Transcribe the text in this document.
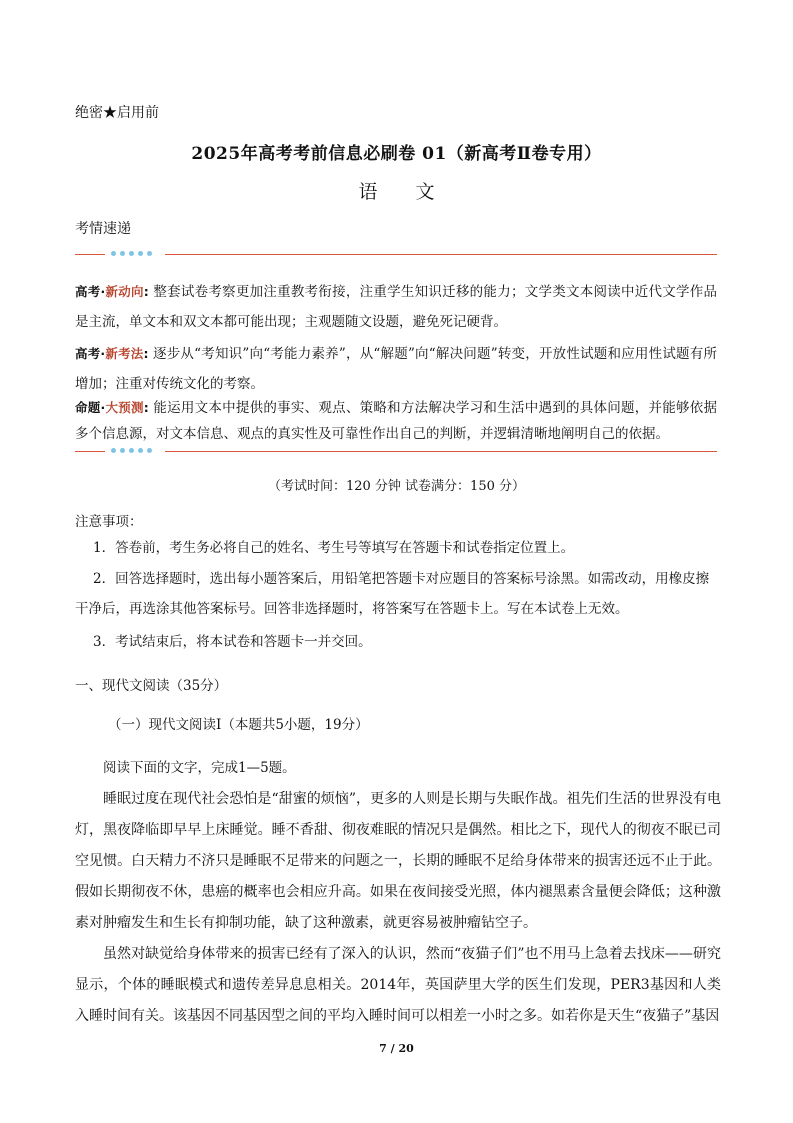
绝密★启用前
2025年高考考前信息必刷卷 01（新高考Ⅱ卷专用）
语 文
考情速递
高考·新动向: 整套试卷考察更加注重教考衔接，注重学生知识迁移的能力；文学类文本阅读中近代文学作品是主流，单文本和双文本都可能出现；主观题随文设题，避免死记硬背。
高考·新考法: 逐步从“考知识”向“考能力素养”，从“解题”向“解决问题”转变，开放性试题和应用性试题有所增加；注重对传统文化的考察。
命题·大预测: 能运用文本中提供的事实、观点、策略和方法解决学习和生活中遇到的具体问题，并能够依据多个信息源，对文本信息、观点的真实性及可靠性作出自己的判断，并逻辑清晰地阐明自己的依据。
（考试时间：120 分钟 试卷满分：150 分）
注意事项：
1．答卷前，考生务必将自己的姓名、考生号等填写在答题卡和试卷指定位置上。
2．回答选择题时，选出每小题答案后，用铅笔把答题卡对应题目的答案标号涂黑。如需改动，用橡皮擦干净后，再选涂其他答案标号。回答非选择题时，将答案写在答题卡上。写在本试卷上无效。
3．考试结束后，将本试卷和答题卡一并交回。
一、现代文阅读（35分）
（一）现代文阅读Ⅰ（本题共5小题，19分）
阅读下面的文字，完成1—5题。
睡眠过度在现代社会恐怕是“甜蜜的烦恼”，更多的人则是长期与失眠作战。祖先们生活的世界没有电灯，黑夜降临即早早上床睡觉。睡不香甜、彻夜难眠的情况只是偶然。相比之下，现代人的彻夜不眠已司空见惯。白天精力不济只是睡眠不足带来的问题之一，长期的睡眠不足给身体带来的损害还远不止于此。假如长期彻夜不休，患癌的概率也会相应升高。如果在夜间接受光照，体内褪黑素含量便会降低；这种激素对肿瘤发生和生长有抑制功能，缺了这种激素，就更容易被肿瘤钻空子。
虽然对缺觉给身体带来的损害已经有了深入的认识，然而“夜猫子们”也不用马上急着去找床——研究显示，个体的睡眠模式和遗传差异息息相关。2014年，英国萨里大学的医生们发现，PER3基因和人类入睡时间有关。该基因不同基因型之间的平均入睡时间可以相差一小时之多。如若你是天生“夜猫子”基因
7 / 20
